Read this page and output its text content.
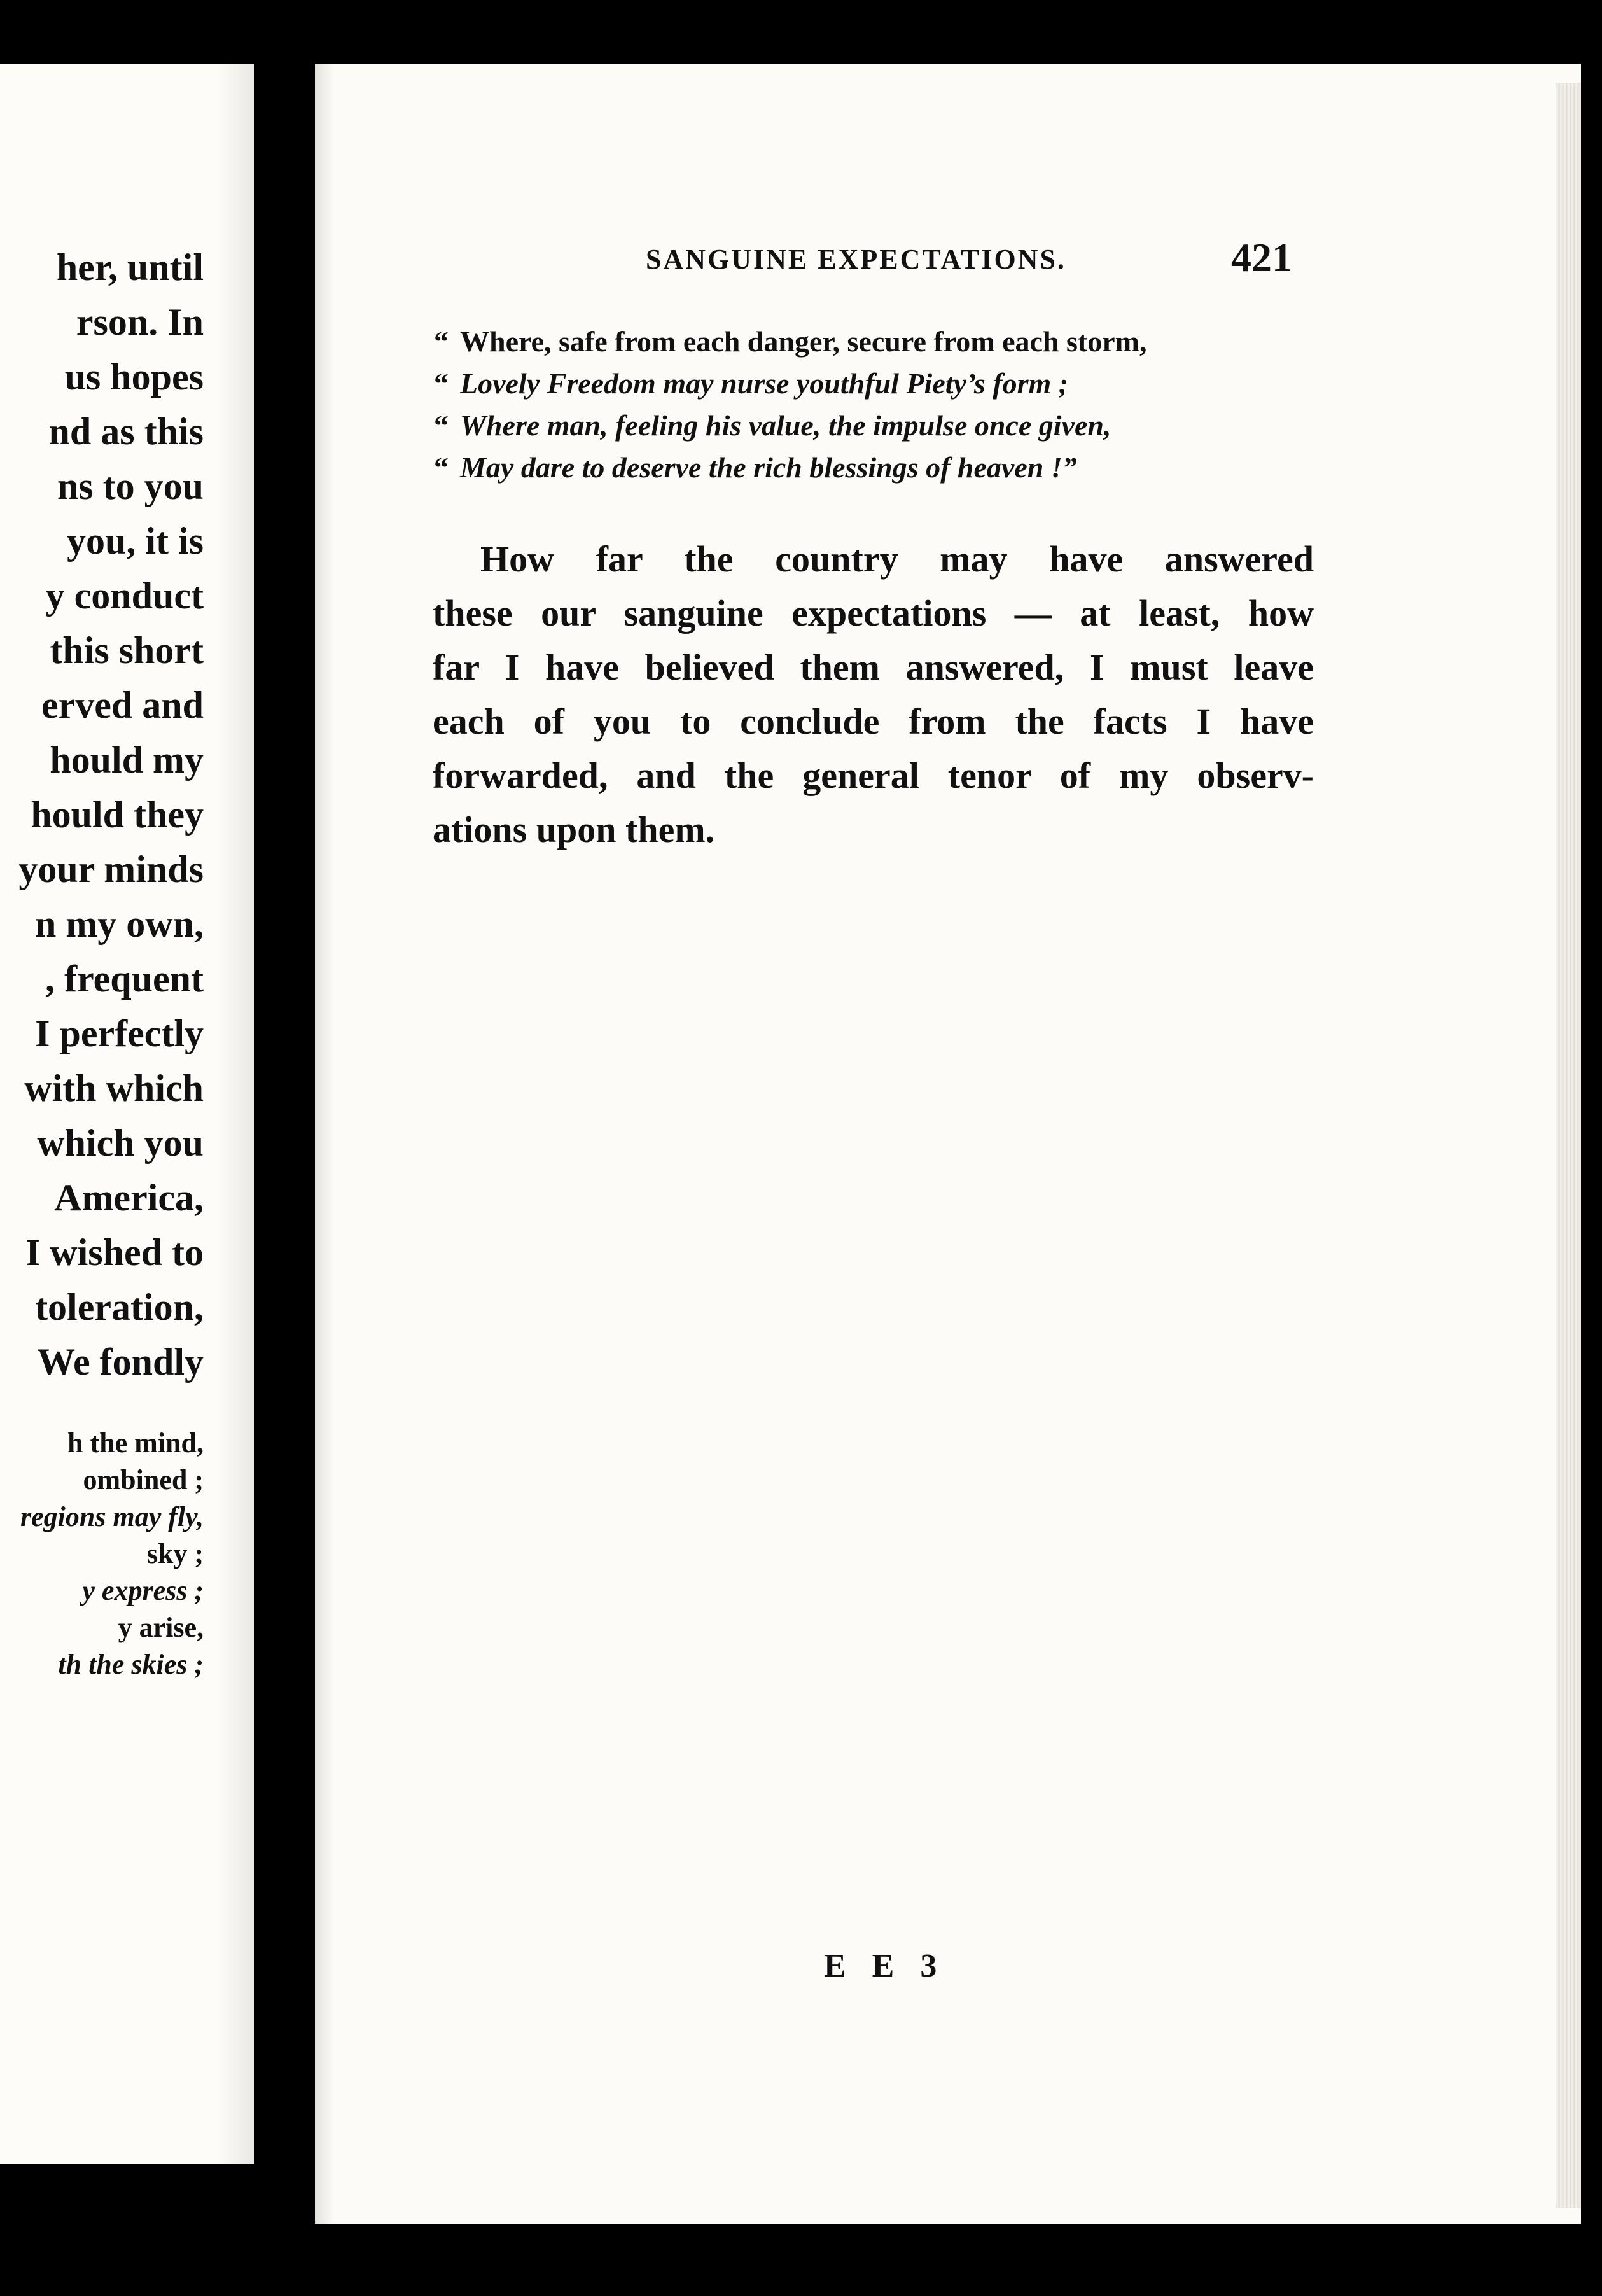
her, until
rson. In
us hopes
nd as this
ns to you
you, it is
y conduct
this short
erved and
hould my
hould they
your minds
n my own,
, frequent
I perfectly
with which
which you
America,
I wished to
toleration,
We fondly
h the mind,
ombined ;
regions may fly,
sky ;
y express ;
y arise,
th the skies ;
SANGUINE EXPECTATIONS.	421
“ Where, safe from each danger, secure from each storm,
“ Lovely Freedom may nurse youthful Piety’s form ;
“ Where man, feeling his value, the impulse once given,
“ May dare to deserve the rich blessings of heaven !”
How far the country may have answered
these our sanguine expectations — at least, how
far I have believed them answered, I must leave
each of you to conclude from the facts I have
forwarded, and the general tenor of my observ-
ations upon them.
E E 3
